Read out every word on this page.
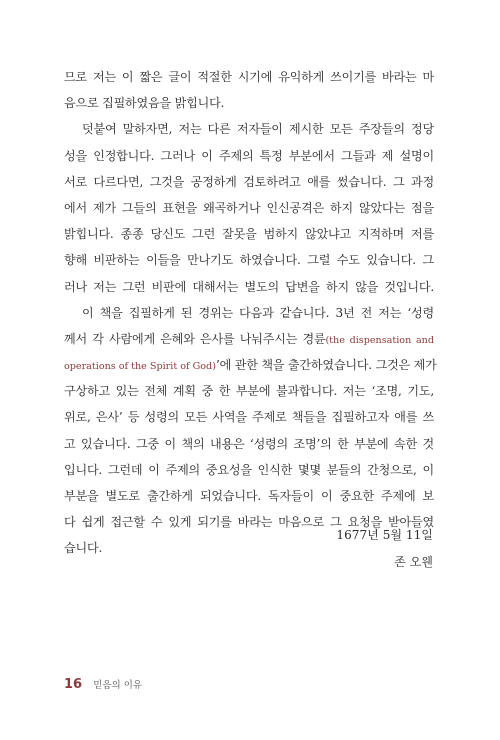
므로 저는 이 짧은 글이 적절한 시기에 유익하게 쓰이기를 바라는 마
음으로 집필하였음을 밝힙니다.
덧붙여 말하자면, 저는 다른 저자들이 제시한 모든 주장들의 정당
성을 인정합니다. 그러나 이 주제의 특정 부분에서 그들과 제 설명이
서로 다르다면, 그것을 공정하게 검토하려고 애를 썼습니다. 그 과정
에서 제가 그들의 표현을 왜곡하거나 인신공격은 하지 않았다는 점을
밝힙니다. 종종 당신도 그런 잘못을 범하지 않았냐고 지적하며 저를
향해 비판하는 이들을 만나기도 하였습니다. 그럴 수도 있습니다. 그
러나 저는 그런 비판에 대해서는 별도의 답변을 하지 않을 것입니다.
이 책을 집필하게 된 경위는 다음과 같습니다. 3년 전 저는 ‘성령
께서 각 사람에게 은혜와 은사를 나눠주시는 경륜(the dispensation and
operations of the Spirit of God)’에 관한 책을 출간하였습니다. 그것은 제가
구상하고 있는 전체 계획 중 한 부분에 불과합니다. 저는 ‘조명, 기도,
위로, 은사’ 등 성령의 모든 사역을 주제로 책들을 집필하고자 애를 쓰
고 있습니다. 그중 이 책의 내용은 ‘성령의 조명’의 한 부분에 속한 것
입니다. 그런데 이 주제의 중요성을 인식한 몇몇 분들의 간청으로, 이
부분을 별도로 출간하게 되었습니다. 독자들이 이 중요한 주제에 보
다 쉽게 접근할 수 있게 되기를 바라는 마음으로 그 요청을 받아들였
습니다.
1677년 5월 11일
존 오웬
16 믿음의 이유
